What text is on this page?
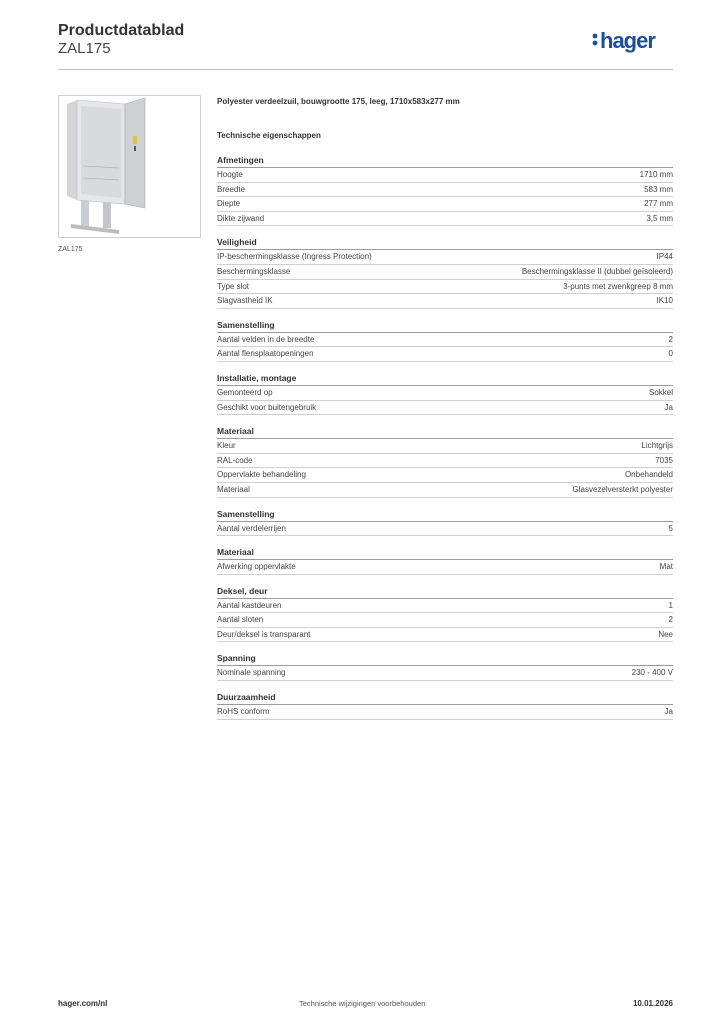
Productdatablad
ZAL175	hager
ZAL175
Polyester verdeelzuil, bouwgrootte 175, leeg, 1710x583x277 mm
Technische eigenschappen
Afmetingen
Hoogte	1710 mm
Breedte	583 mm
Diepte	277 mm
Dikte zijwand	3,5 mm
Veiligheid
IP-beschermingsklasse (Ingress Protection)	IP44
Beschermingsklasse	Beschermingsklasse II (dubbel geïsoleerd)
Type slot	3-punts met zwenkgreep 8 mm
Slagvastheid IK	IK10
Samenstelling
Aantal velden in de breedte	2
Aantal flensplaatopeningen	0
Installatie, montage
Gemonteerd op	Sokkel
Geschikt voor buitengebruik	Ja
Materiaal
Kleur	Lichtgrijs
RAL-code	7035
Oppervlakte behandeling	Onbehandeld
Materiaal	Glasvezelversterkt polyester
Samenstelling
Aantal verdelerrijen	5
Materiaal
Afwerking oppervlakte	Mat
Deksel, deur
Aantal kastdeuren	1
Aantal sloten	2
Deur/deksel is transparant	Nee
Spanning
Nominale spanning	230 - 400 V
Duurzaamheid
RoHS conform	Ja
hager.com/nl	Technische wijzigingen voorbehouden	10.01.2026
